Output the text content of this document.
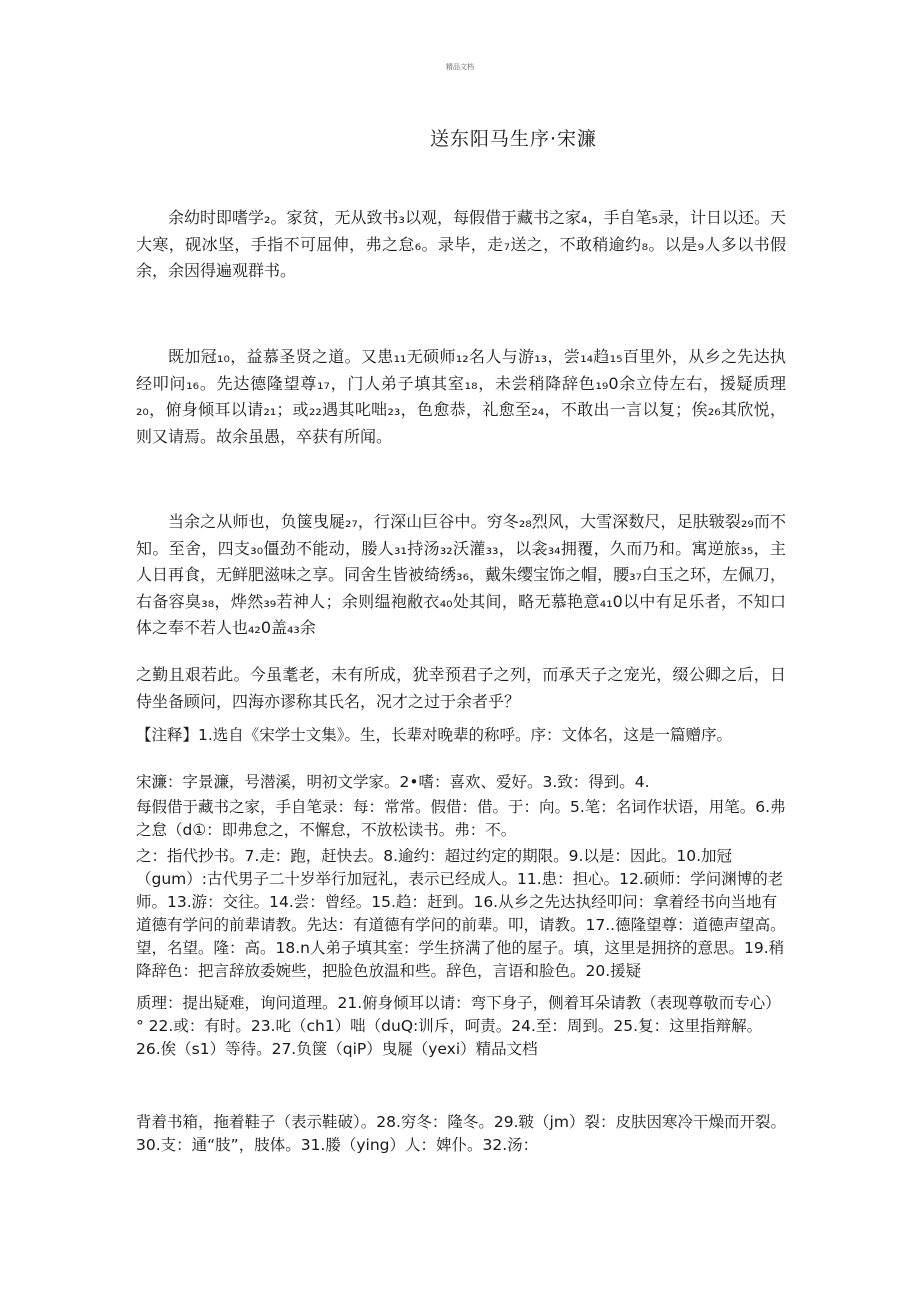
精品文档
送东阳马生序·宋濂

余幼时即嗜学₂。家贫，无从致书₃以观，每假借于藏书之家₄，手自笔₅录，计日以还。天大寒，砚冰坚，手指不可屈伸，弗之怠₆。录毕，走₇送之，不敢稍逾约₈。以是₉人多以书假余，余因得遍观群书。

既加冠₁₀，益慕圣贤之道。又患₁₁无硕师₁₂名人与游₁₃，尝₁₄趋₁₅百里外，从乡之先达执经叩问₁₆。先达德隆望尊₁₇，门人弟子填其室₁₈，未尝稍降辞色₁₉0余立侍左右，援疑质理₂₀，俯身倾耳以请₂₁；或₂₂遇其叱咄₂₃，色愈恭，礼愈至₂₄，不敢出一言以复；俟₂₆其欣悦，则又请焉。故余虽愚，卒获有所闻。

当余之从师也，负箧曳屣₂₇，行深山巨谷中。穷冬₂₈烈风，大雪深数尺，足肤皲裂₂₉而不知。至舍，四支₃₀僵劲不能动，媵人₃₁持汤₃₂沃灌₃₃，以衾₃₄拥覆，久而乃和。寓逆旅₃₅，主人日再食，无鲜肥滋味之享。同舍生皆被绮绣₃₆，戴朱缨宝饰之帽，腰₃₇白玉之环，左佩刀，右备容臭₃₈，烨然₃₉若神人；余则缊袍敝衣₄₀处其间，略无慕艳意₄₁0以中有足乐者，不知口体之奉不若人也₄₂0盖₄₃余

之勤且艰若此。今虽耄老，未有所成，犹幸预君子之列，而承天子之宠光，缀公卿之后，日侍坐备顾问，四海亦谬称其氏名，况才之过于余者乎？

【注释】1.选自《宋学士文集》。生，长辈对晚辈的称呼。序：文体名，这是一篇赠序。

宋濂：字景濂，号潜溪，明初文学家。2•嗜：喜欢、爱好。3.致：得到。4.

每假借于藏书之家，手自笔录：每：常常。假借：借。于：向。5.笔：名词作状语，用笔。6.弗之怠（d①：即弗怠之，不懈怠，不放松读书。弗：不。

之：指代抄书。7.走：跑，赶快去。8.逾约：超过约定的期限。9.以是：因此。10.加冠（gum）:古代男子二十岁举行加冠礼，表示已经成人。11.患：担心。12.硕师：学问渊博的老师。13.游：交往。14.尝：曾经。15.趋：赶到。16.从乡之先达执经叩问：拿着经书向当地有道德有学问的前辈请教。先达：有道德有学问的前辈。叩，请教。17..德隆望尊：道德声望高。望，名望。隆：高。18.n人弟子填其室：学生挤满了他的屋子。填，这里是拥挤的意思。19.稍降辞色：把言辞放委婉些，把脸色放温和些。辞色，言语和脸色。20.援疑

质理：提出疑难，询问道理。21.俯身倾耳以请：弯下身子，侧着耳朵请教（表现尊敬而专心）° 22.或：有时。23.叱（ch1）咄（duQ:训斥，呵责。24.至：周到。25.复：这里指辩解。26.俟（s1）等待。27.负箧（qiP）曳屣（yexi）精品文档

背着书箱，拖着鞋子（表示鞋破）。28.穷冬：隆冬。29.皲（jm）裂：皮肤因寒冷干燥而开裂。30.支：通“肢”，肢体。31.媵（ying）人：婢仆。32.汤：
